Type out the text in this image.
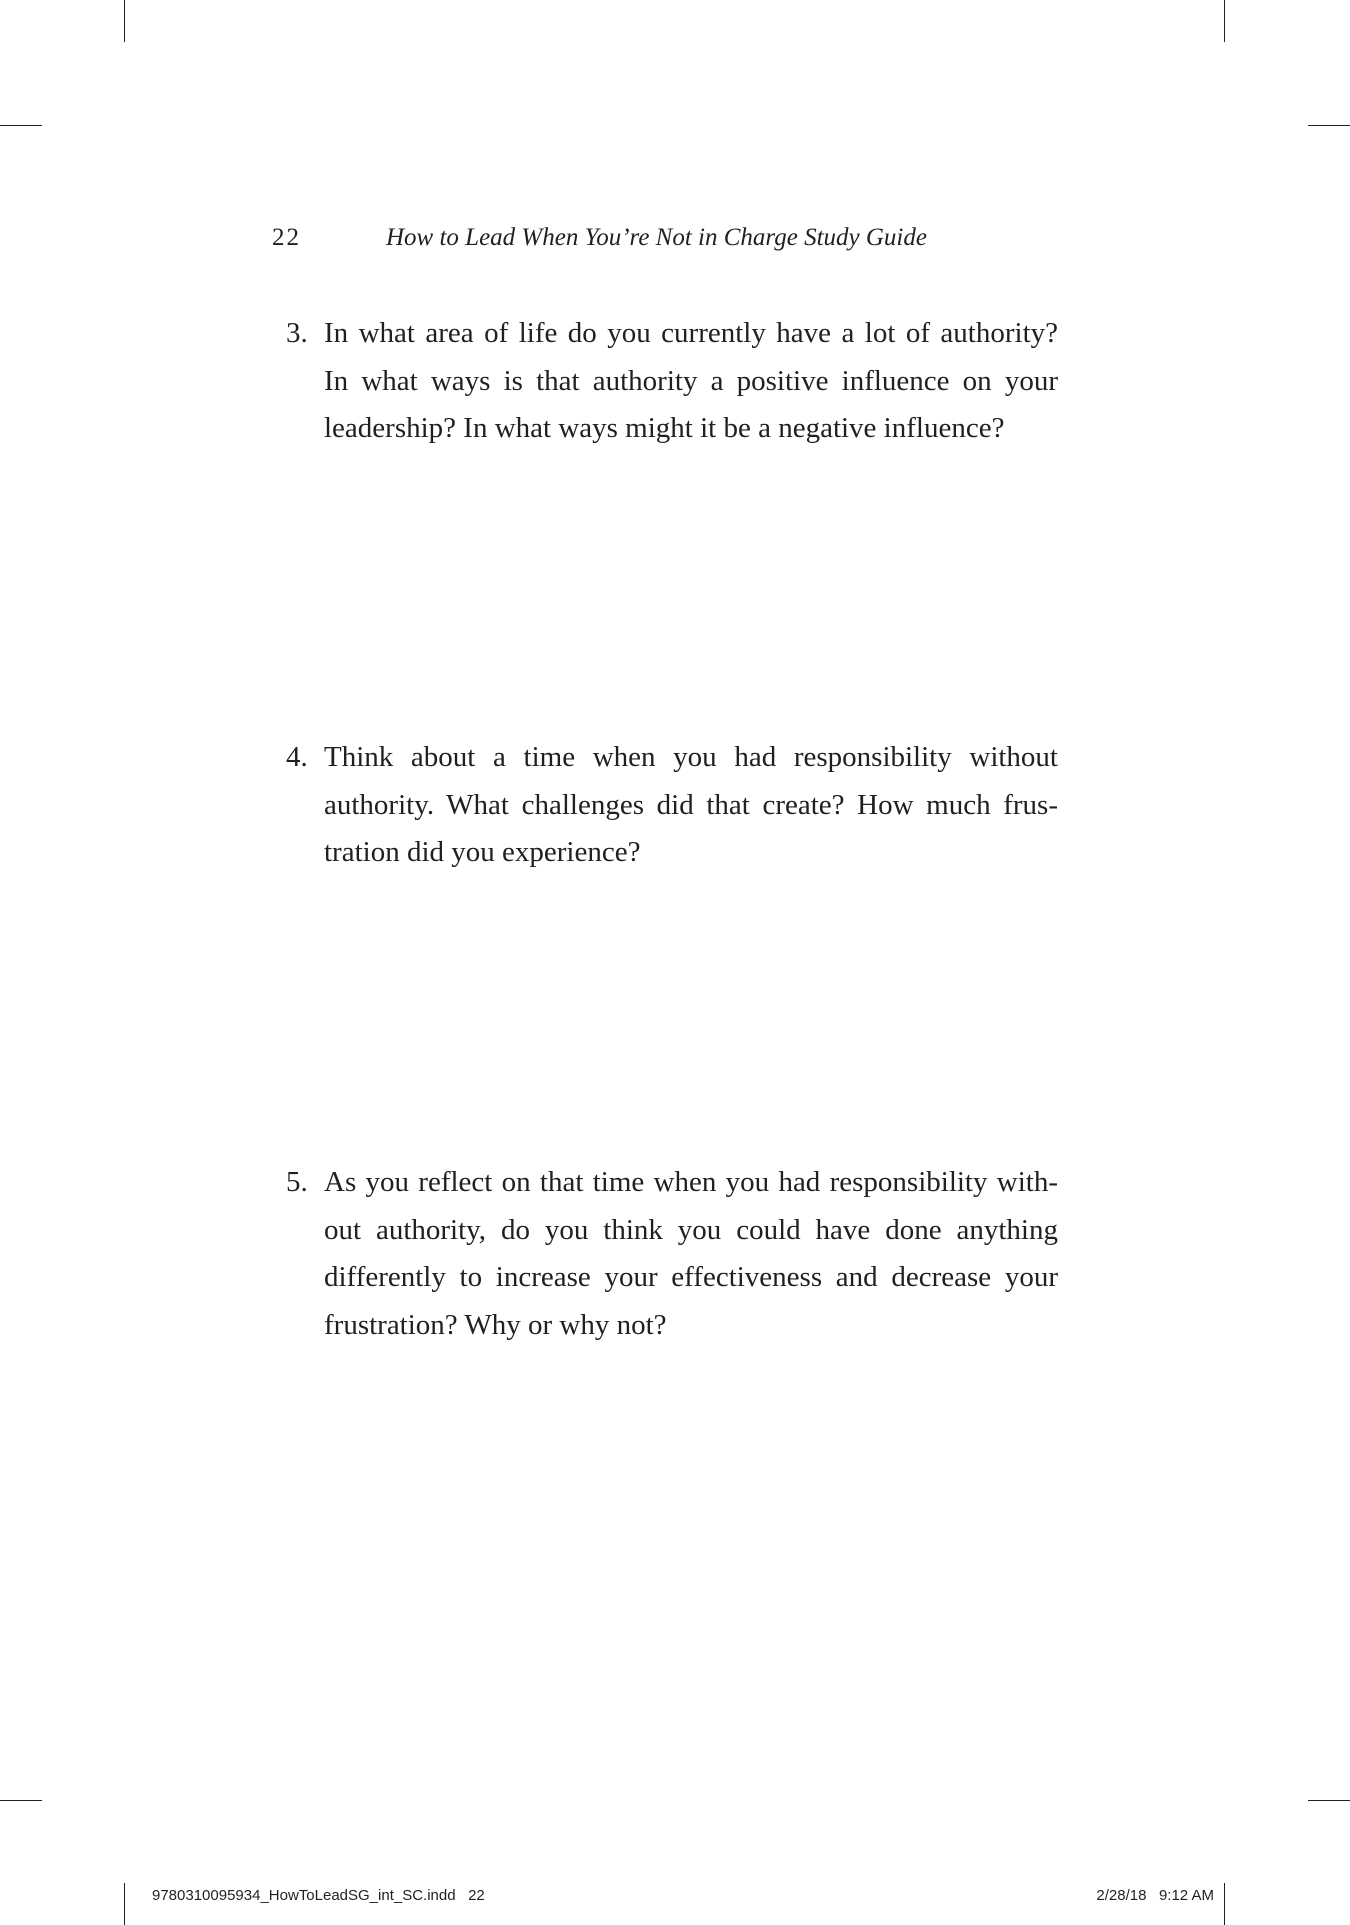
22	How to Lead When You’re Not in Charge Study Guide
3. In what area of life do you currently have a lot of authority?
In what ways is that authority a positive influence on your
leadership? In what ways might it be a negative influence?
4. Think about a time when you had responsibility without
authority. What challenges did that create? How much frus-
tration did you experience?
5. As you reflect on that time when you had responsibility with-
out authority, do you think you could have done anything
differently to increase your effectiveness and decrease your
frustration? Why or why not?
9780310095934_HowToLeadSG_int_SC.indd   22	2/28/18   9:12 AM
